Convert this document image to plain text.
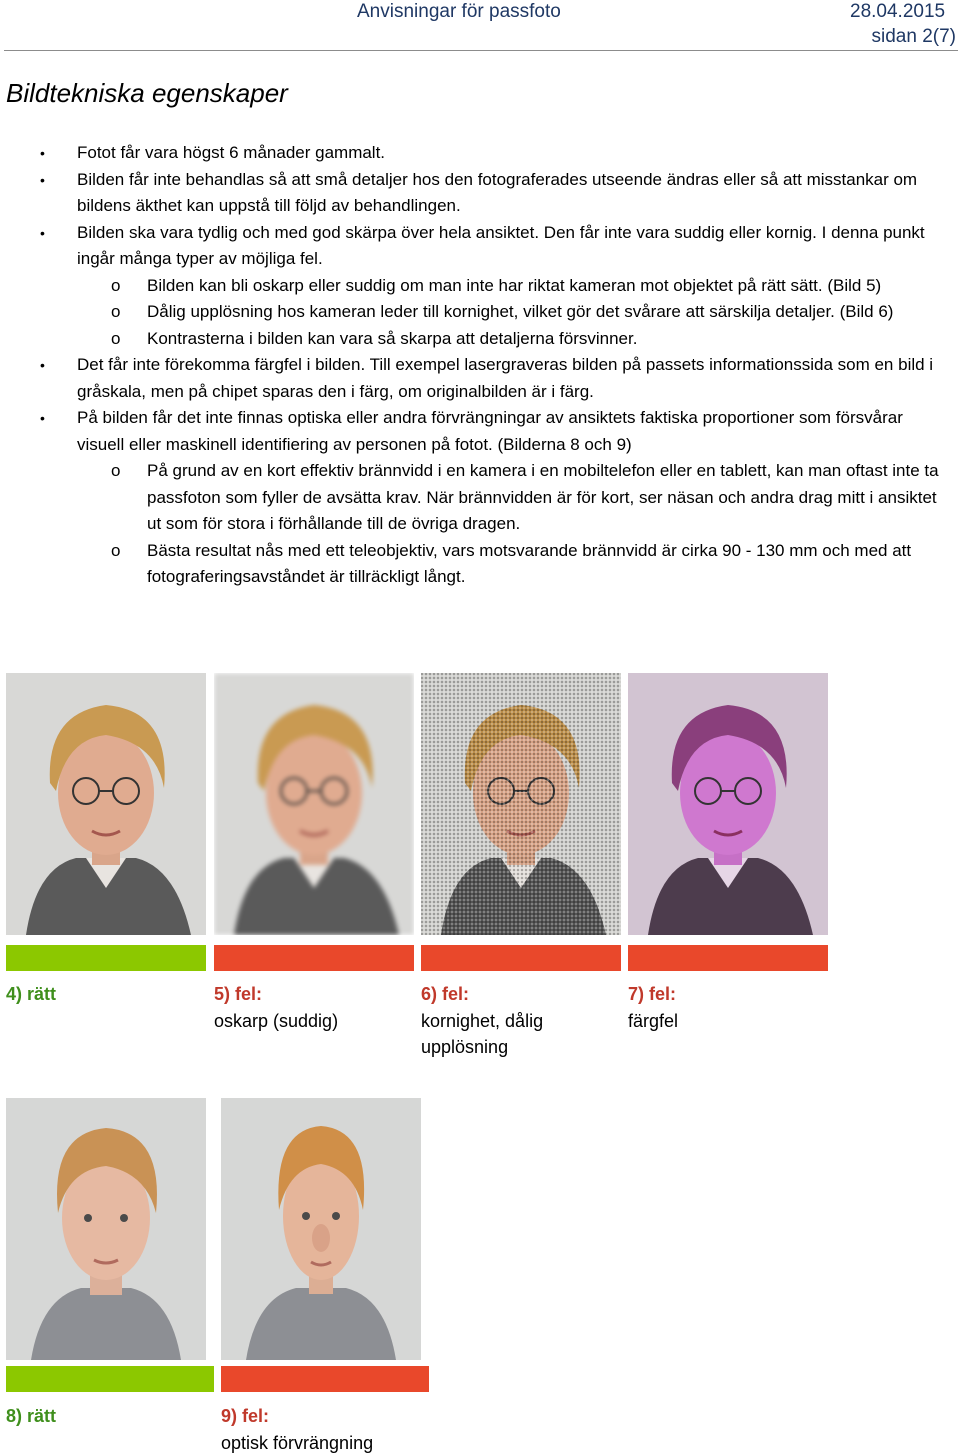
Anvisningar för passfoto	28.04.2015
sidan 2(7)
Bildtekniska egenskaper
• Fotot får vara högst 6 månader gammalt.
• Bilden får inte behandlas så att små detaljer hos den fotograferades utseende ändras eller så att misstankar om bildens äkthet kan uppstå till följd av behandlingen.
• Bilden ska vara tydlig och med god skärpa över hela ansiktet. Den får inte vara suddig eller kornig. I denna punkt ingår många typer av möjliga fel.
o Bilden kan bli oskarp eller suddig om man inte har riktat kameran mot objektet på rätt sätt. (Bild 5)
o Dålig upplösning hos kameran leder till kornighet, vilket gör det svårare att särskilja detaljer. (Bild 6)
o Kontrasterna i bilden kan vara så skarpa att detaljerna försvinner.
• Det får inte förekomma färgfel i bilden. Till exempel lasergraveras bilden på passets informationssida som en bild i gråskala, men på chipet sparas den i färg, om originalbilden är i färg.
• På bilden får det inte finnas optiska eller andra förvrängningar av ansiktets faktiska proportioner som försvårar visuell eller maskinell identifiering av personen på fotot. (Bilderna 8 och 9)
o På grund av en kort effektiv brännvidd i en kamera i en mobiltelefon eller en tablett, kan man oftast inte ta passfoton som fyller de avsätta krav. När brännvidden är för kort, ser näsan och andra drag mitt i ansiktet ut som för stora i förhållande till de övriga dragen.
o Bästa resultat nås med ett teleobjektiv, vars motsvarande brännvidd är cirka 90 - 130 mm och med att fotograferingsavståndet är tillräckligt långt.
4) rätt	5) fel:
oskarp (suddig)
6) fel:
kornighet, dålig upplösning
7) fel:
färgfel
8) rätt	9) fel:
optisk förvrängning
